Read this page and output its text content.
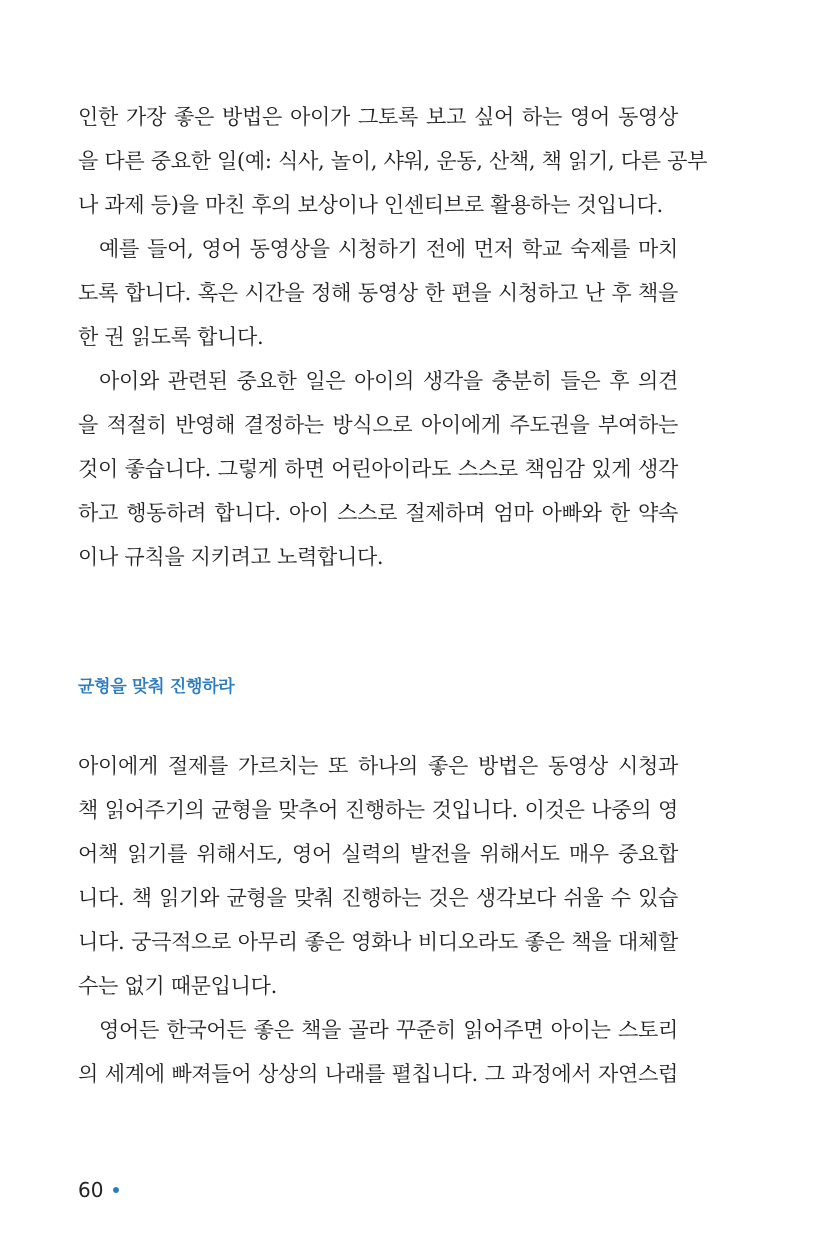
인한 가장 좋은 방법은 아이가 그토록 보고 싶어 하는 영어 동영상
을 다른 중요한 일(예: 식사, 놀이, 샤워, 운동, 산책, 책 읽기, 다른 공부
나 과제 등)을 마친 후의 보상이나 인센티브로 활용하는 것입니다.
예를 들어, 영어 동영상을 시청하기 전에 먼저 학교 숙제를 마치
도록 합니다. 혹은 시간을 정해 동영상 한 편을 시청하고 난 후 책을
한 권 읽도록 합니다.
아이와 관련된 중요한 일은 아이의 생각을 충분히 들은 후 의견
을 적절히 반영해 결정하는 방식으로 아이에게 주도권을 부여하는
것이 좋습니다. 그렇게 하면 어린아이라도 스스로 책임감 있게 생각
하고 행동하려 합니다. 아이 스스로 절제하며 엄마 아빠와 한 약속
이나 규칙을 지키려고 노력합니다.
균형을 맞춰 진행하라
아이에게 절제를 가르치는 또 하나의 좋은 방법은 동영상 시청과
책 읽어주기의 균형을 맞추어 진행하는 것입니다. 이것은 나중의 영
어책 읽기를 위해서도, 영어 실력의 발전을 위해서도 매우 중요합
니다. 책 읽기와 균형을 맞춰 진행하는 것은 생각보다 쉬울 수 있습
니다. 궁극적으로 아무리 좋은 영화나 비디오라도 좋은 책을 대체할
수는 없기 때문입니다.
영어든 한국어든 좋은 책을 골라 꾸준히 읽어주면 아이는 스토리
의 세계에 빠져들어 상상의 나래를 펼칩니다. 그 과정에서 자연스럽
60
